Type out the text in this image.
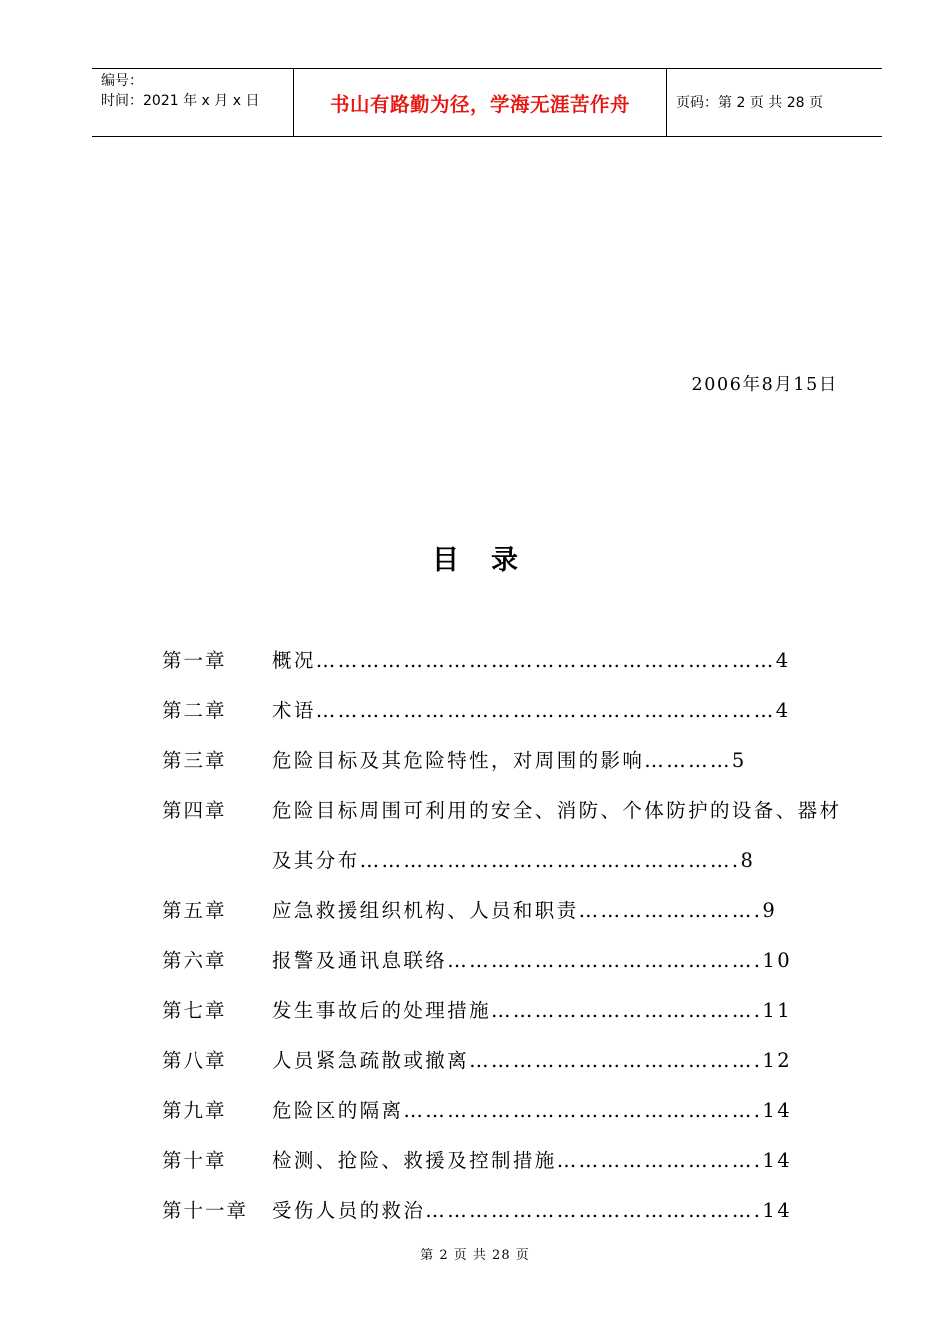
编号：
时间：2021 年 x 月 x 日	书山有路勤为径，学海无涯苦作舟	页码：第 2 页 共 28 页
2006年8月15日
目录
第一章 概况………………………………………………………4
第二章 术语………………………………………………………4
第三章 危险目标及其危险特性，对周围的影响…………5
第四章 危险目标周围可利用的安全、消防、个体防护的设备、器材
及其分布…………………………………………….8
第五章 应急救援组织机构、人员和职责…………………….9
第六章 报警及通讯息联络…………………………………….10
第七章 发生事故后的处理措施……………………………….11
第八章 人员紧急疏散或撤离………………………………….12
第九章 危险区的隔离………………………………………….14
第十章 检测、抢险、救援及控制措施……………………….14
第十一章 受伤人员的救治……………………………………….14
第 2 页 共 28 页
